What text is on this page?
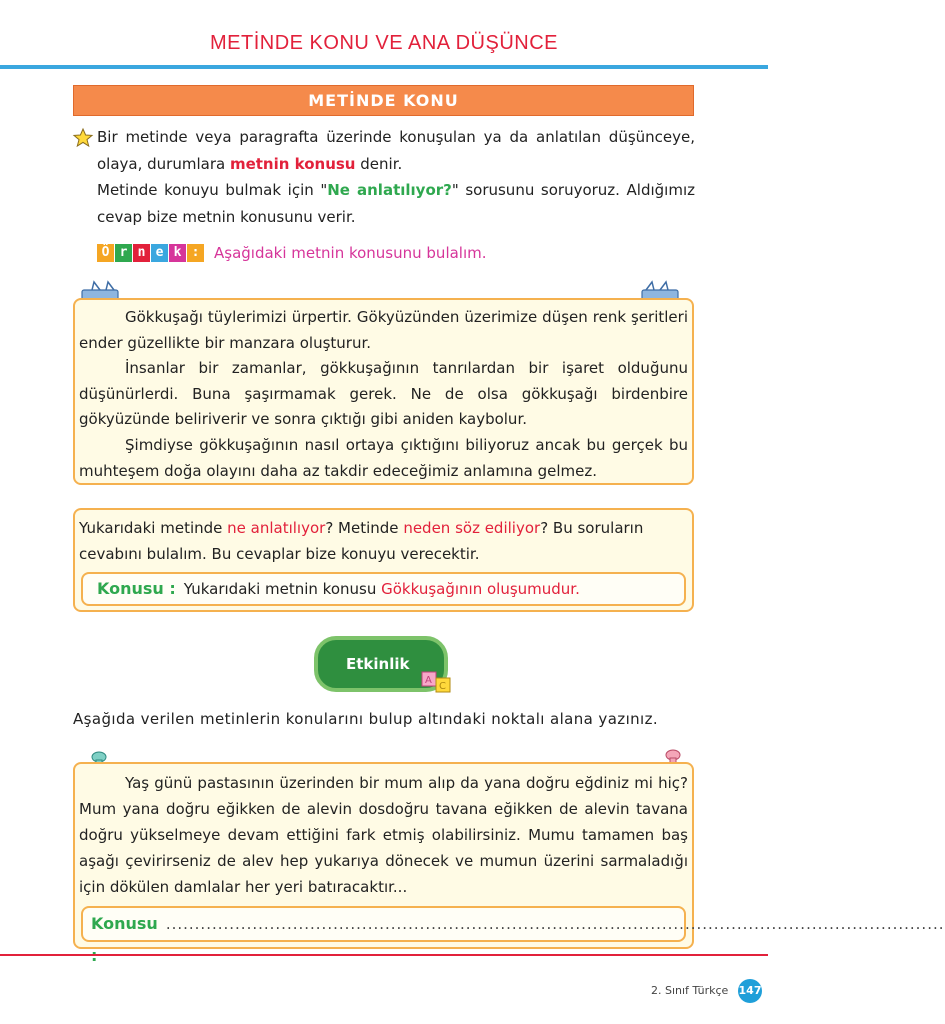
METİNDE KONU VE ANA DÜŞÜNCE
METİNDE KONU

Bir metinde veya paragrafta üzerinde konuşulan ya da anlatılan düşünceye, olaya, durumlara metnin konusu denir.

Metinde konuyu bulmak için "Ne anlatılıyor?" sorusunu soruyoruz. Aldığımız cevap bize metnin konusunu verir.

Ö r n e k : Aşağıdaki metnin konusunu bulalım.

Gökkuşağı tüylerimizi ürpertir. Gökyüzünden üzerimize düşen renk şeritleri ender güzellikte bir manzara oluşturur.

İnsanlar bir zamanlar, gökkuşağının tanrılardan bir işaret olduğunu düşünürlerdi. Buna şaşırmamak gerek. Ne de olsa gökkuşağı birdenbire gökyüzünde beliriverir ve sonra çıktığı gibi aniden kaybolur.

Şimdiyse gökkuşağının nasıl ortaya çıktığını biliyoruz ancak bu gerçek bu muhteşem doğa olayını daha az takdir edeceğimiz anlamına gelmez.

Yukarıdaki metinde ne anlatılıyor? Metinde neden söz ediliyor? Bu soruların cevabını bulalım. Bu cevaplar bize konuyu verecektir.

Konusu : Yukarıdaki metnin konusu Gökkuşağının oluşumudur.
Etkinlik
A
C
Aşağıda verilen metinlerin konularını bulup altındaki noktalı alana yazınız.

Yaş günü pastasının üzerinden bir mum alıp da yana doğru eğdiniz mi hiç? Mum yana doğru eğikken de alevin dosdoğru tavana eğikken de alevin tavana doğru yükselmeye devam ettiğini fark etmiş olabilirsiniz. Mumu tamamen baş aşağı çevirirseniz de alev hep yukarıya dönecek ve mumun üzerini sarmaladığı için dökülen damlalar her yeri batıracaktır...

Konusu .......................................................................................................................................
2. Sınıf Türkçe 147
